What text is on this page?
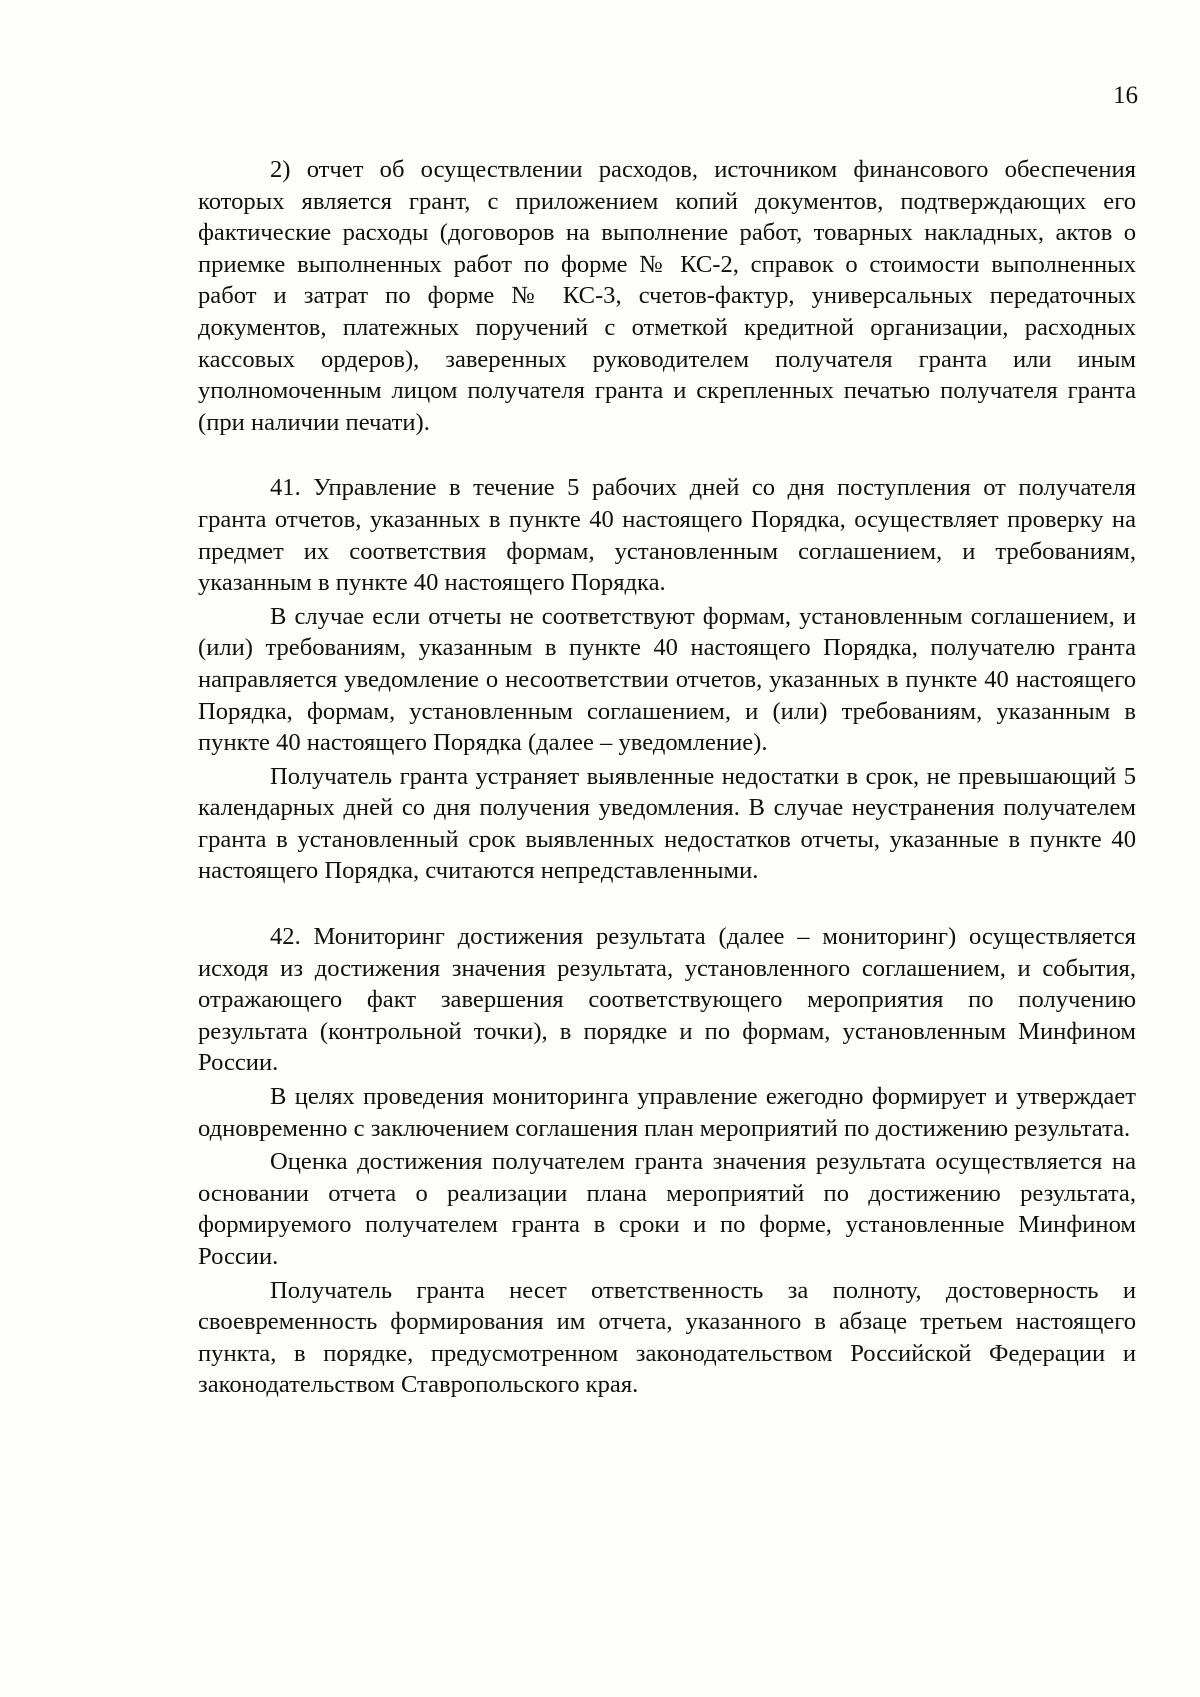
16

2) отчет об осуществлении расходов, источником финансового обеспечения которых является грант, с приложением копий документов, подтверждающих его фактические расходы (договоров на выполнение работ, товарных накладных, актов о приемке выполненных работ по форме № КС-2, справок о стоимости выполненных работ и затрат по форме № КС-3, счетов-фактур, универсальных передаточных документов, платежных поручений с отметкой кредитной организации, расходных кассовых ордеров), заверенных руководителем получателя гранта или иным уполномоченным лицом получателя гранта и скрепленных печатью получателя гранта (при наличии печати).

41. Управление в течение 5 рабочих дней со дня поступления от получателя гранта отчетов, указанных в пункте 40 настоящего Порядка, осуществляет проверку на предмет их соответствия формам, установленным соглашением, и требованиям, указанным в пункте 40 настоящего Порядка.

В случае если отчеты не соответствуют формам, установленным соглашением, и (или) требованиям, указанным в пункте 40 настоящего Порядка, получателю гранта направляется уведомление о несоответствии отчетов, указанных в пункте 40 настоящего Порядка, формам, установленным соглашением, и (или) требованиям, указанным в пункте 40 настоящего Порядка (далее – уведомление).

Получатель гранта устраняет выявленные недостатки в срок, не превышающий 5 календарных дней со дня получения уведомления. В случае неустранения получателем гранта в установленный срок выявленных недостатков отчеты, указанные в пункте 40 настоящего Порядка, считаются непредставленными.

42. Мониторинг достижения результата (далее – мониторинг) осуществляется исходя из достижения значения результата, установленного соглашением, и события, отражающего факт завершения соответствующего мероприятия по получению результата (контрольной точки), в порядке и по формам, установленным Минфином России.

В целях проведения мониторинга управление ежегодно формирует и утверждает одновременно с заключением соглашения план мероприятий по достижению результата.

Оценка достижения получателем гранта значения результата осуществляется на основании отчета о реализации плана мероприятий по достижению результата, формируемого получателем гранта в сроки и по форме, установленные Минфином России.

Получатель гранта несет ответственность за полноту, достоверность и своевременность формирования им отчета, указанного в абзаце третьем настоящего пункта, в порядке, предусмотренном законодательством Российской Федерации и законодательством Ставропольского края.
